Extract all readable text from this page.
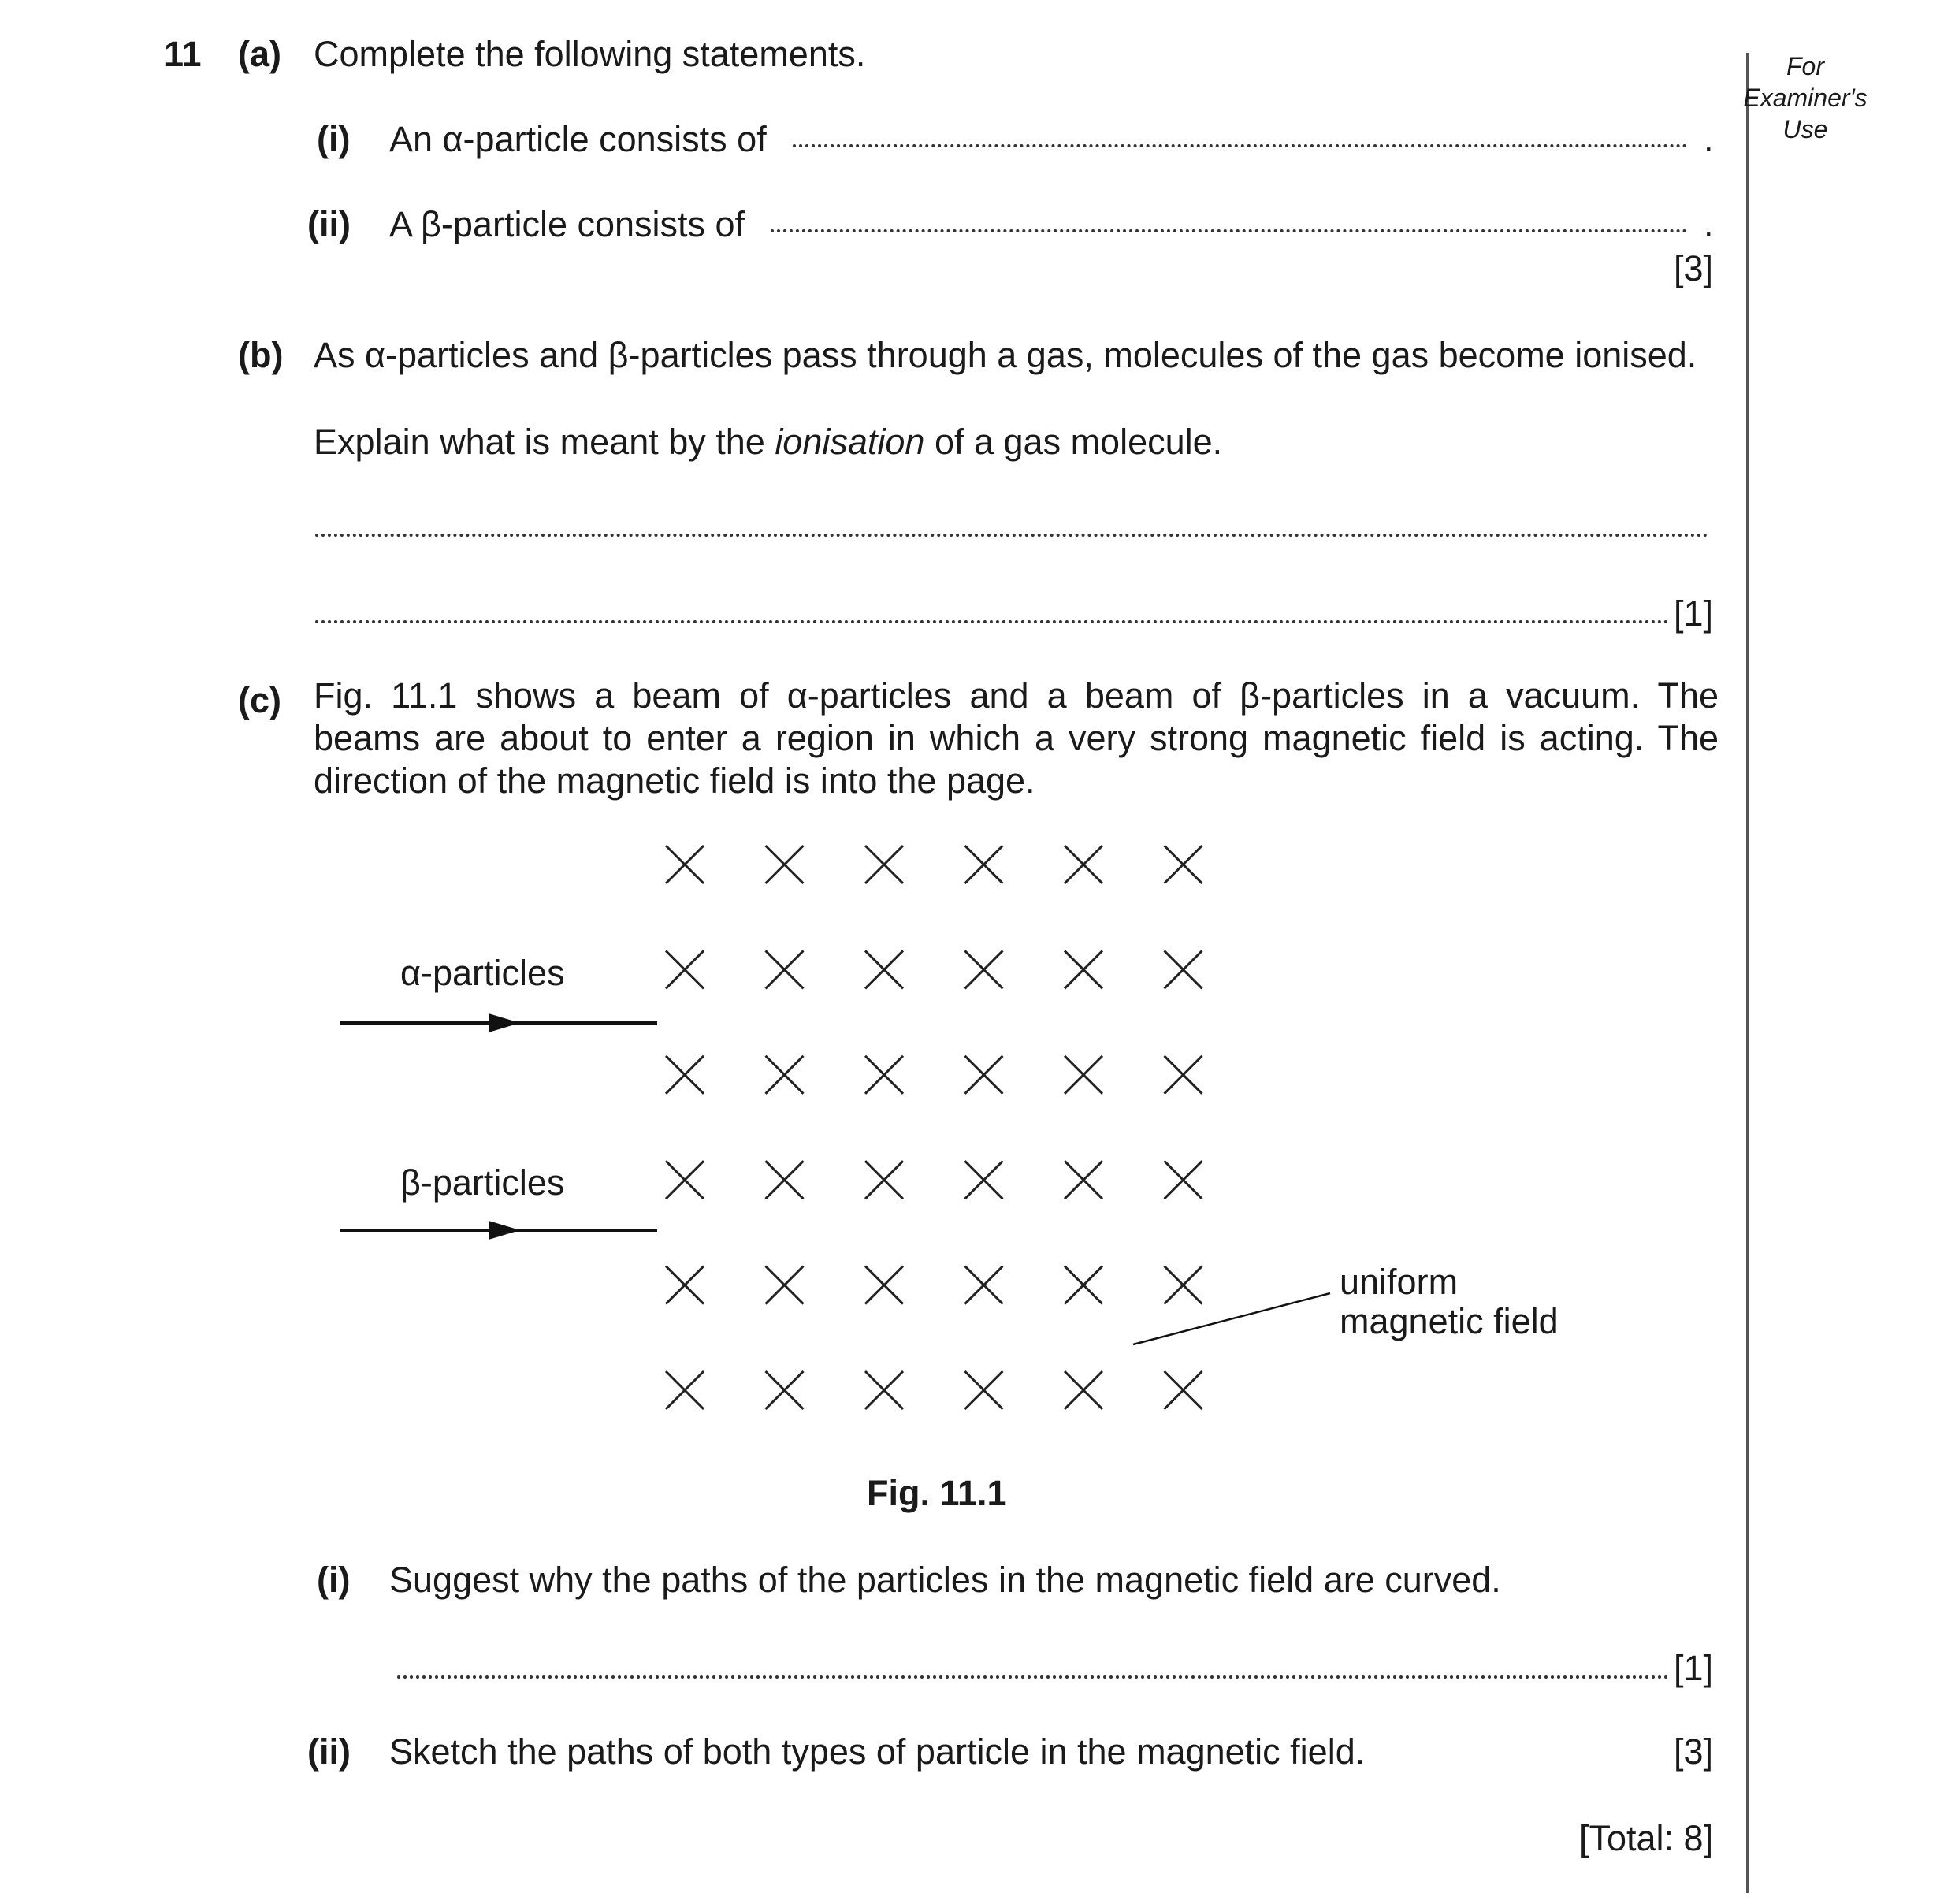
For
Examiner's
Use
11 (a) Complete the following statements.
(i) An α-particle consists of	.
(ii) A β-particle consists of	.
[3]
(b) As α-particles and β-particles pass through a gas, molecules of the gas become ionised.
Explain what is meant by the ionisation of a gas molecule.
[1]
(c) Fig. 11.1 shows a beam of α-particles and a beam of β-particles in a vacuum. The
beams are about to enter a region in which a very strong magnetic field is acting. The
direction of the magnetic field is into the page.
α-particles
β-particles
uniform
magnetic field
Fig. 11.1
(i) Suggest why the paths of the particles in the magnetic field are curved.
[1]
(ii) Sketch the paths of both types of particle in the magnetic field.	[3]
[Total: 8]
